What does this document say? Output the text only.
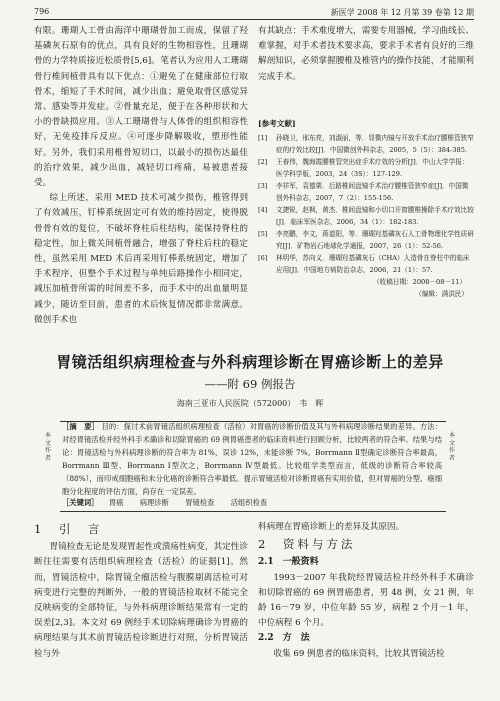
796	新医学 2008 年 12 月第 39 卷第 12 期

有限。珊瑚人工骨由海洋中珊瑚骨加工而成，保留了羟基磷灰石原有的优点，具有良好的生物相容性，且珊瑚骨的力学特质接近松质骨[5,6]。笔者认为应用人工珊瑚骨行椎间植骨具有以下优点：①避免了在健康部位行取骨术，缩短了手术时间，减少出血；避免取骨区感觉异常、感染等并发症。②骨量充足，便于在各种形状和大小的骨缺损应用。③人工珊瑚骨与人体骨的组织相容性好，无免疫排斥反应。④可逐步降解吸收，塑形性能好。另外，我们采用椎骨短切口，以最小的损伤达最佳的治疗效果，减少出血，减轻切口疼痛，易被患者接受。

综上所述，采用 MED 技术可减少损伤，椎管得到了有效减压，钉棒系统固定可有效的维持固定，使得脱骨骨有效的复位，不破坏脊柱后柱结构，能保持脊柱的稳定性，加上微关间植骨融合，增强了脊柱后柱的稳定性，虽然采用 MED 术后再采用钉棒系统固定，增加了手术程序，但整个手术过程与单纯后路操作小相同定，减压加植骨所需的时间差不多，而手术中的出血量明显减少，随访至目前，患者的术后恢复情况都非常满意。微创手术也

有其缺点：手术难度增大，需要专用器械，学习曲线长、难掌握，对手术者技术要求高，要求手术者有良好的三维解剖知识，必须掌握腰椎及椎管内的操作技能，才能顺利完成手术。

[参考文献]
[1] 孙晓卫，邢东亮，刘淑丽，等．显微内镜与开放手术治疗腰椎管狭窄症的疗效比较[J]．中国微创外科杂志，2005，5（5）：384-385.
[2] 王春伟，魏海霞腰椎管突出症手术疗效的分析[J]．中山大学学报：医学科学版，2003，24（3S）：127-129.
[3] 李祥军，袁德栗．后路椎间盘镜手术治疗腰椎管狭窄症[J]．中国微创外科杂志，2007，7（2）：155-156.
[4] 文捷锐，赵枫，黄杰．椎间盘镜和小切口开窗腰椎操除手术疗效比较[J]．临床军医杂志，2006，34（1）：182-183.
[5] 李亮鹏，李文，蒋道阳，等．珊瑚羟基磷灰石人工骨物理化学性质研究[J]．矿物岩石地球化学通报，2007，26（1）：52-56.
[6] 林明华，苏向义．珊瑚羟基磷灰石（CHA）人造骨在脊柱中的临床应用[J]．中国地方病防治杂志，2006，21（1）：57.
（收稿日期：2008－08－11）
（编辑：满洪民）
胃镜活组织病理检查与外科病理诊断在胃癌诊断上的差异
——附 69 例报告
海南三亚市人民医院（572000）　韦　辉
本文作者
本文作者
［摘　要］ 目的：探讨术前胃镜活组织病理检查（活检）对胃癌的诊断价值及其与外科病理诊断结果的差异。方法：对经胃镜活检并经外科手术确诊和切除胃癌的 69 例胃癌患者的临床资料进行回顾分析，比较两者的符合率。结果与结论：胃镜活检与外科病理诊断的符合率为 81%，误诊 12%，未能诊断 7%。Borrmann Ⅱ型确定诊断符合率最高，Borrmann Ⅲ型、Borrmann Ⅰ型次之，Borrmann Ⅳ型最低。比较组学类型而言，低级的诊断符合率较高（88%），而印戒细胞癌和未分化癌的诊断符合率最低。提示胃镜活检对诊断胃癌有实用价值，但对胃癌的分型、癌细胞分化程度的评估方面，尚存在一定误差。
［关键词］ 胃癌 病理诊断 胃镜检查 活组织检查
1　引　言

胃镜检查无论是发现胃起性或溃疡性病变，其定性诊断往往需要有活组织病理检查（活检）的证据[1]。然而，胃镜活检中，除胃镜全瘤活检与腹膜剔离活检可对病变进行完整的判断外，一般的胃镜活检取材不能完全反映病变的全部特征，与外科病理诊断结果常有一定的误差[2,3]。本文对 69 例经手术切除病理确诊为胃癌的病理结果与其术前胃镜活检诊断进行对照，分析胃镜活检与外

科病理在胃癌诊断上的差异及其原因。

2　资料与方法
2.1　一般资料

1993－2007 年我院经胃镜活检并经外科手术确诊和切除胃癌的 69 例胃癌患者，男 48 例，女 21 例，年龄 16－79 岁，中位年龄 55 岁，病程 2 个月－1 年，中位病程 6 个月。

2.2　方　法

收集 69 例患者的临床资料，比较其胃镜活检
